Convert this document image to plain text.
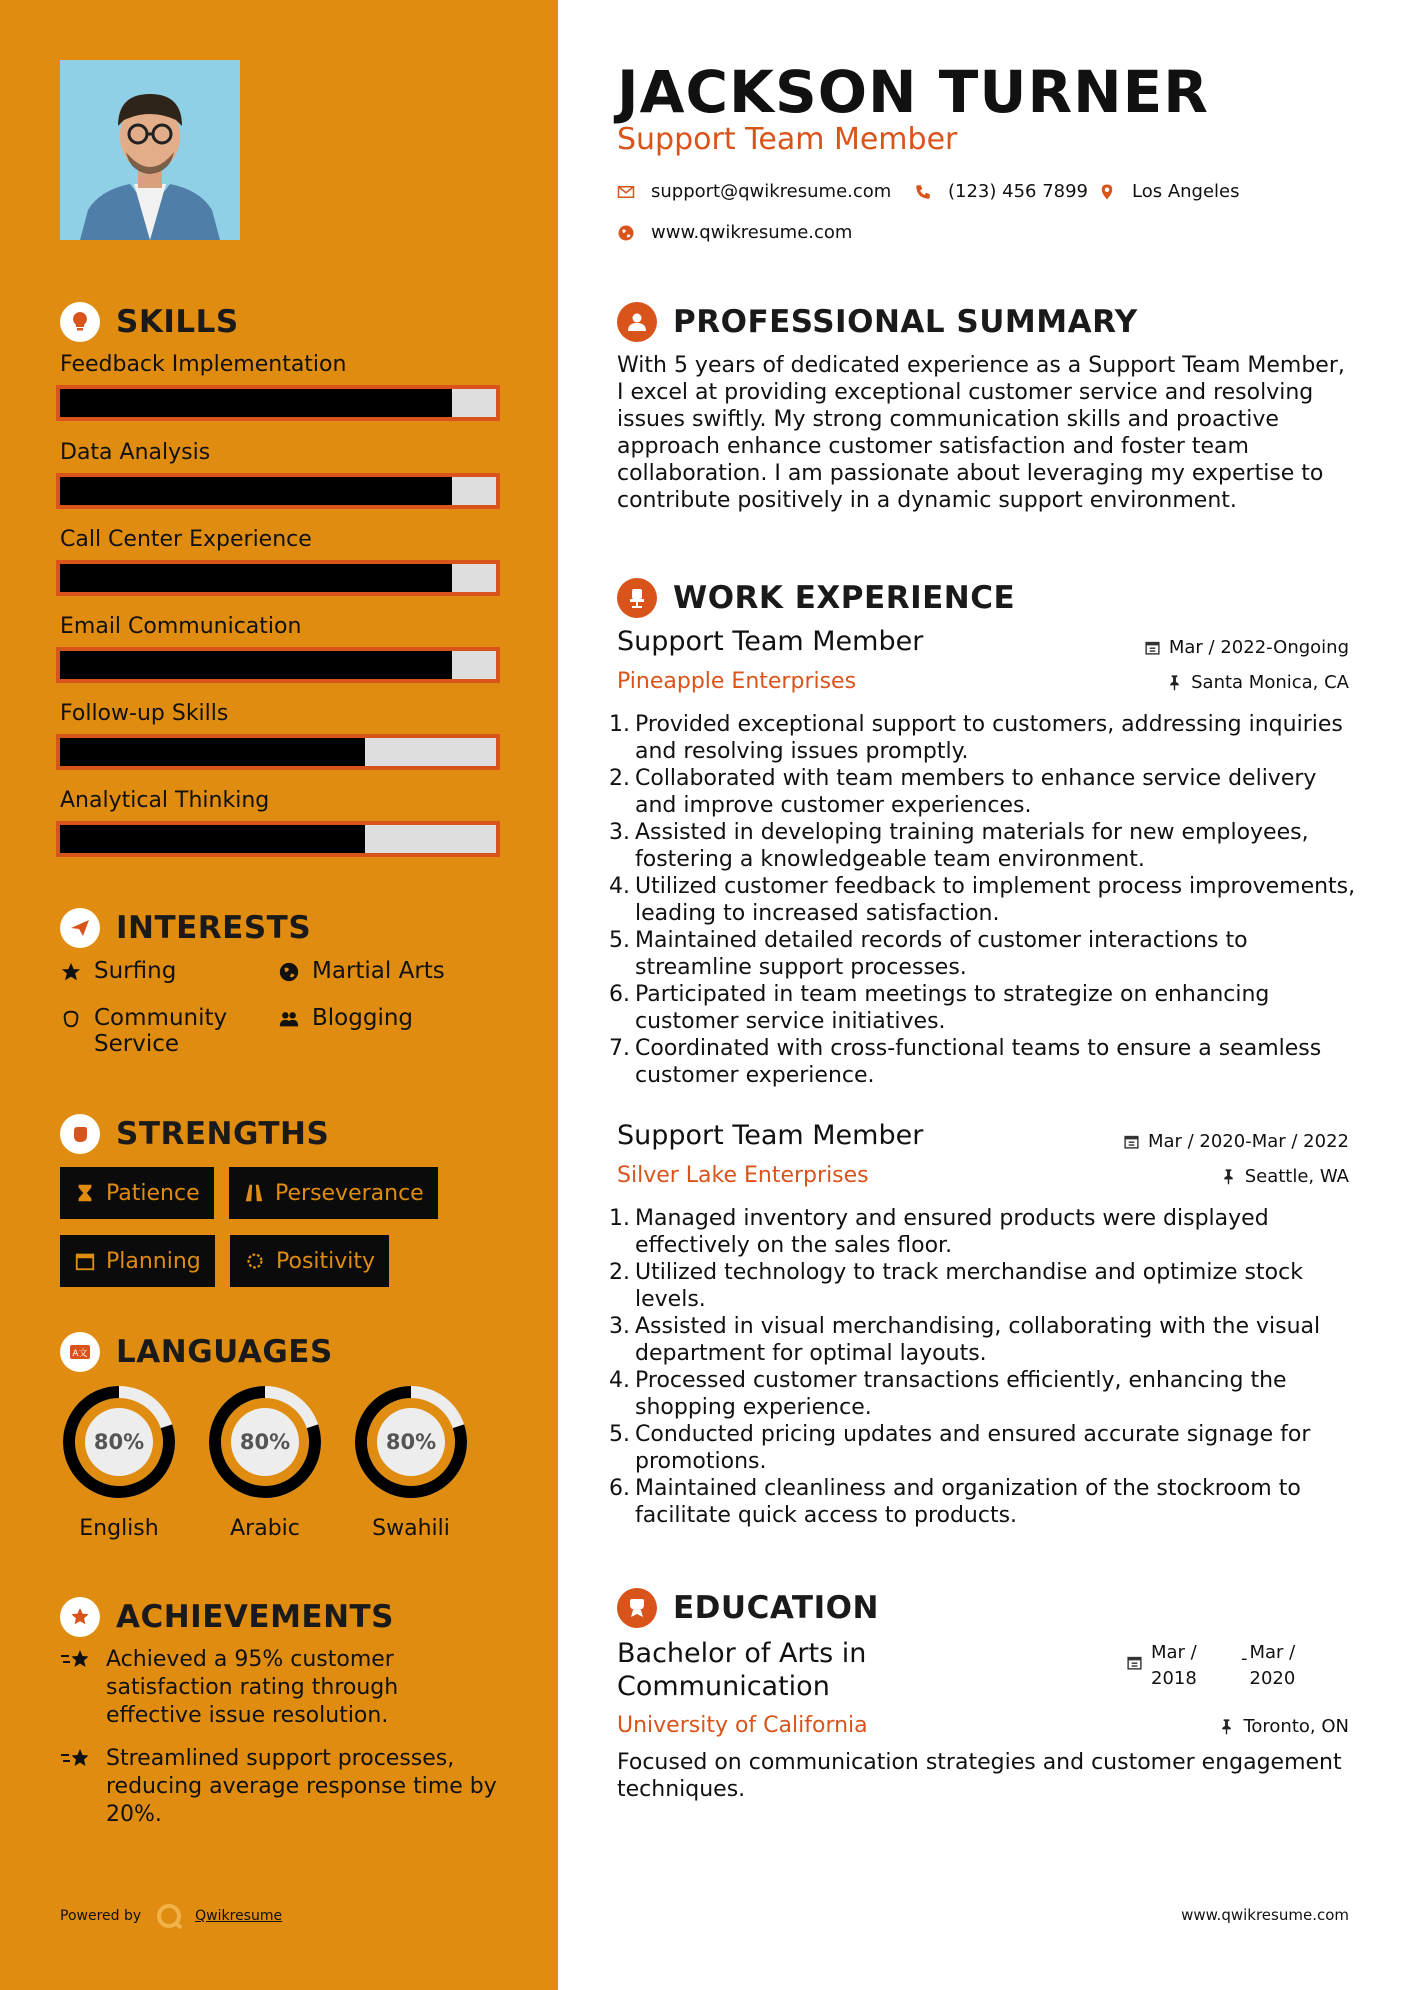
SKILLS
Feedback Implementation
Data Analysis
Call Center Experience
Email Communication
Follow-up Skills
Analytical Thinking
INTERESTS
Surfing	Martial Arts
Community Service
Blogging
STRENGTHS
Patience	Perseverance
Planning	Positivity
A文 LANGUAGES
80%
English
80%
Arabic
80%
Swahili
ACHIEVEMENTS
Achieved a 95% customer satisfaction rating through effective issue resolution.
Streamlined support processes, reducing average response time by 20%.
Powered by	Qwikresume
JACKSON TURNER
Support Team Member
support@qwikresume.com	(123) 456 7899 Los Angeles
www.qwikresume.com
PROFESSIONAL SUMMARY
With 5 years of dedicated experience as a Support Team Member, I excel at providing exceptional customer service and resolving issues swiftly. My strong communication skills and proactive approach enhance customer satisfaction and foster team collaboration. I am passionate about leveraging my expertise to contribute positively in a dynamic support environment.
WORK EXPERIENCE
Support Team Member	Mar / 2022-Ongoing
Pineapple Enterprises	Santa Monica, CA
1. Provided exceptional support to customers, addressing inquiries and resolving issues promptly.
2. Collaborated with team members to enhance service delivery and improve customer experiences.
3. Assisted in developing training materials for new employees, fostering a knowledgeable team environment.
4. Utilized customer feedback to implement process improvements, leading to increased satisfaction.
5. Maintained detailed records of customer interactions to streamline support processes.
6. Participated in team meetings to strategize on enhancing customer service initiatives.
7. Coordinated with cross-functional teams to ensure a seamless customer experience.
Support Team Member	Mar / 2020-Mar / 2022
Silver Lake Enterprises	Seattle, WA
1. Managed inventory and ensured products were displayed effectively on the sales floor.
2. Utilized technology to track merchandise and optimize stock levels.
3. Assisted in visual merchandising, collaborating with the visual department for optimal layouts.
4. Processed customer transactions efficiently, enhancing the shopping experience.
5. Conducted pricing updates and ensured accurate signage for promotions.
6. Maintained cleanliness and organization of the stockroom to facilitate quick access to products.
EDUCATION
Bachelor of Arts in Communication
Mar / 2018
- Mar / 2020
University of California	Toronto, ON
Focused on communication strategies and customer engagement techniques.
www.qwikresume.com
